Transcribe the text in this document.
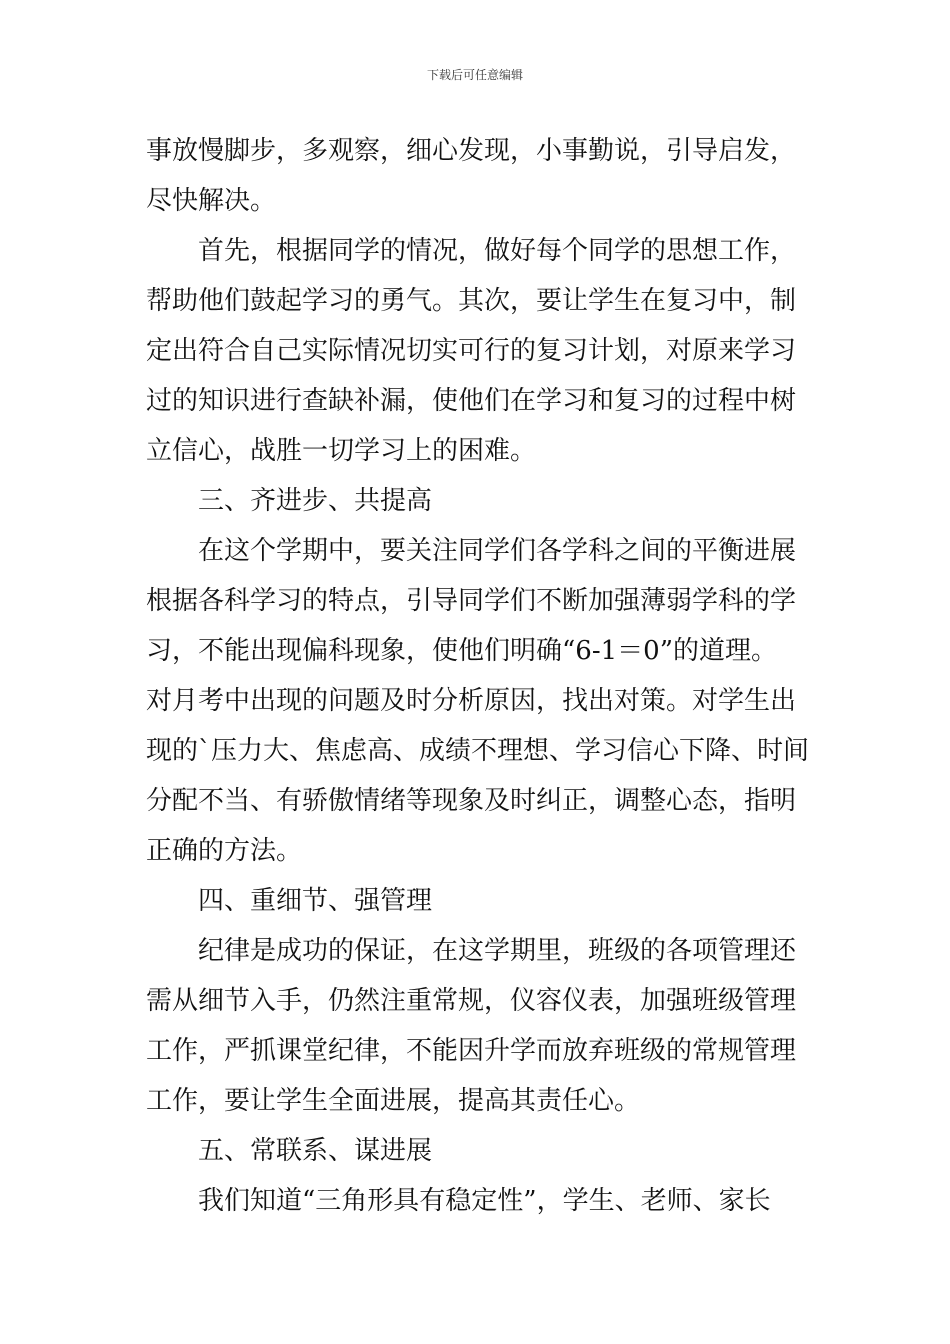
下载后可任意编辑
事放慢脚步，多观察，细心发现，小事勤说，引导启发，
尽快解决。
首先，根据同学的情况，做好每个同学的思想工作，
帮助他们鼓起学习的勇气。其次，要让学生在复习中，制
定出符合自己实际情况切实可行的复习计划，对原来学习
过的知识进行查缺补漏，使他们在学习和复习的过程中树
立信心，战胜一切学习上的困难。
三、齐进步、共提高
在这个学期中，要关注同学们各学科之间的平衡进展
根据各科学习的特点，引导同学们不断加强薄弱学科的学
习，不能出现偏科现象，使他们明确“6-1＝0”的道理。
对月考中出现的问题及时分析原因，找出对策。对学生出
现的`压力大、焦虑高、成绩不理想、学习信心下降、时间
分配不当、有骄傲情绪等现象及时纠正，调整心态，指明
正确的方法。
四、重细节、强管理
纪律是成功的保证，在这学期里，班级的各项管理还
需从细节入手，仍然注重常规，仪容仪表，加强班级管理
工作，严抓课堂纪律，不能因升学而放弃班级的常规管理
工作，要让学生全面进展，提高其责任心。
五、常联系、谋进展
我们知道“三角形具有稳定性”，学生、老师、家长
